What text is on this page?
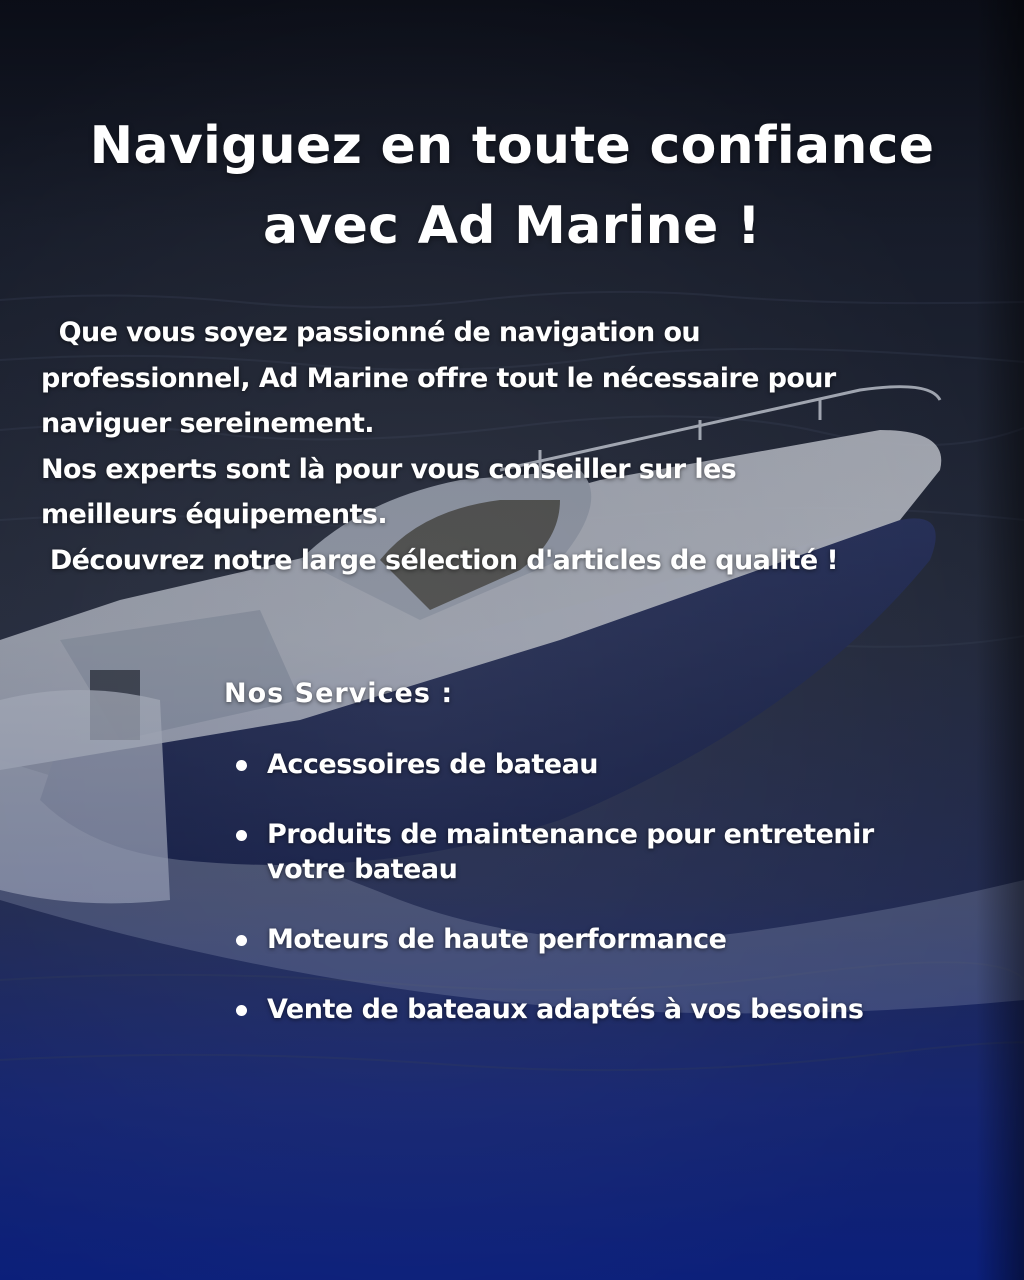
Naviguez en toute confiance
avec Ad Marine !

Que vous soyez passionné de navigation ou

professionnel, Ad Marine offre tout le nécessaire pour

naviguer sereinement.

Nos experts sont là pour vous conseiller sur les

meilleurs équipements.

Découvrez notre large sélection d'articles de qualité !

Nos Services :
Accessoires de bateau
Produits de maintenance pour entretenir votre bateau
Moteurs de haute performance
Vente de bateaux adaptés à vos besoins
